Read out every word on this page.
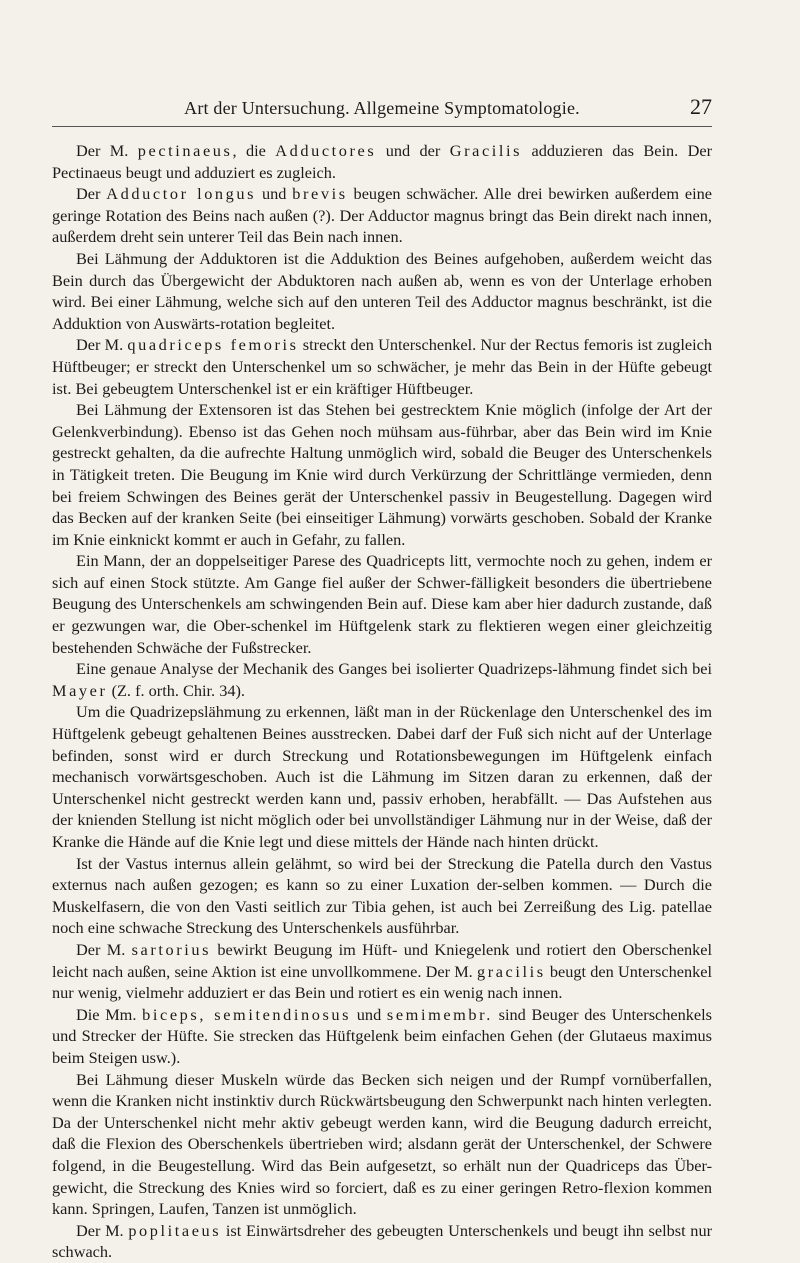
Art der Untersuchung. Allgemeine Symptomatologie.	27

Der M. pectinaeus, die Adductores und der Gracilis adduzieren das Bein. Der Pectinaeus beugt und adduziert es zugleich.

Der Adductor longus und brevis beugen schwächer. Alle drei bewirken außerdem eine geringe Rotation des Beins nach außen (?). Der Adductor magnus bringt das Bein direkt nach innen, außerdem dreht sein unterer Teil das Bein nach innen.

Bei Lähmung der Adduktoren ist die Adduktion des Beines aufgehoben, außerdem weicht das Bein durch das Übergewicht der Abduktoren nach außen ab, wenn es von der Unterlage erhoben wird. Bei einer Lähmung, welche sich auf den unteren Teil des Adductor magnus beschränkt, ist die Adduktion von Auswärts-rotation begleitet.

Der M. quadriceps femoris streckt den Unterschenkel. Nur der Rectus femoris ist zugleich Hüftbeuger; er streckt den Unterschenkel um so schwächer, je mehr das Bein in der Hüfte gebeugt ist. Bei gebeugtem Unterschenkel ist er ein kräftiger Hüftbeuger.

Bei Lähmung der Extensoren ist das Stehen bei gestrecktem Knie möglich (infolge der Art der Gelenkverbindung). Ebenso ist das Gehen noch mühsam aus-führbar, aber das Bein wird im Knie gestreckt gehalten, da die aufrechte Haltung unmöglich wird, sobald die Beuger des Unterschenkels in Tätigkeit treten. Die Beugung im Knie wird durch Verkürzung der Schrittlänge vermieden, denn bei freiem Schwingen des Beines gerät der Unterschenkel passiv in Beugestellung. Dagegen wird das Becken auf der kranken Seite (bei einseitiger Lähmung) vorwärts geschoben. Sobald der Kranke im Knie einknickt kommt er auch in Gefahr, zu fallen.

Ein Mann, der an doppelseitiger Parese des Quadricepts litt, vermochte noch zu gehen, indem er sich auf einen Stock stützte. Am Gange fiel außer der Schwer-fälligkeit besonders die übertriebene Beugung des Unterschenkels am schwingenden Bein auf. Diese kam aber hier dadurch zustande, daß er gezwungen war, die Ober-schenkel im Hüftgelenk stark zu flektieren wegen einer gleichzeitig bestehenden Schwäche der Fußstrecker.

Eine genaue Analyse der Mechanik des Ganges bei isolierter Quadrizeps-lähmung findet sich bei Mayer (Z. f. orth. Chir. 34).

Um die Quadrizepslähmung zu erkennen, läßt man in der Rückenlage den Unterschenkel des im Hüftgelenk gebeugt gehaltenen Beines ausstrecken. Dabei darf der Fuß sich nicht auf der Unterlage befinden, sonst wird er durch Streckung und Rotationsbewegungen im Hüftgelenk einfach mechanisch vorwärtsgeschoben. Auch ist die Lähmung im Sitzen daran zu erkennen, daß der Unterschenkel nicht gestreckt werden kann und, passiv erhoben, herabfällt. — Das Aufstehen aus der knienden Stellung ist nicht möglich oder bei unvollständiger Lähmung nur in der Weise, daß der Kranke die Hände auf die Knie legt und diese mittels der Hände nach hinten drückt.

Ist der Vastus internus allein gelähmt, so wird bei der Streckung die Patella durch den Vastus externus nach außen gezogen; es kann so zu einer Luxation der-selben kommen. — Durch die Muskelfasern, die von den Vasti seitlich zur Tibia gehen, ist auch bei Zerreißung des Lig. patellae noch eine schwache Streckung des Unterschenkels ausführbar.

Der M. sartorius bewirkt Beugung im Hüft- und Kniegelenk und rotiert den Oberschenkel leicht nach außen, seine Aktion ist eine unvollkommene. Der M. gracilis beugt den Unterschenkel nur wenig, vielmehr adduziert er das Bein und rotiert es ein wenig nach innen.

Die Mm. biceps, semitendinosus und semimembr. sind Beuger des Unterschenkels und Strecker der Hüfte. Sie strecken das Hüftgelenk beim einfachen Gehen (der Glutaeus maximus beim Steigen usw.).

Bei Lähmung dieser Muskeln würde das Becken sich neigen und der Rumpf vornüberfallen, wenn die Kranken nicht instinktiv durch Rückwärtsbeugung den Schwerpunkt nach hinten verlegten. Da der Unterschenkel nicht mehr aktiv gebeugt werden kann, wird die Beugung dadurch erreicht, daß die Flexion des Oberschenkels übertrieben wird; alsdann gerät der Unterschenkel, der Schwere folgend, in die Beugestellung. Wird das Bein aufgesetzt, so erhält nun der Quadriceps das Über-gewicht, die Streckung des Knies wird so forciert, daß es zu einer geringen Retro-flexion kommen kann. Springen, Laufen, Tanzen ist unmöglich.

Der M. poplitaeus ist Einwärtsdreher des gebeugten Unterschenkels und beugt ihn selbst nur schwach.
